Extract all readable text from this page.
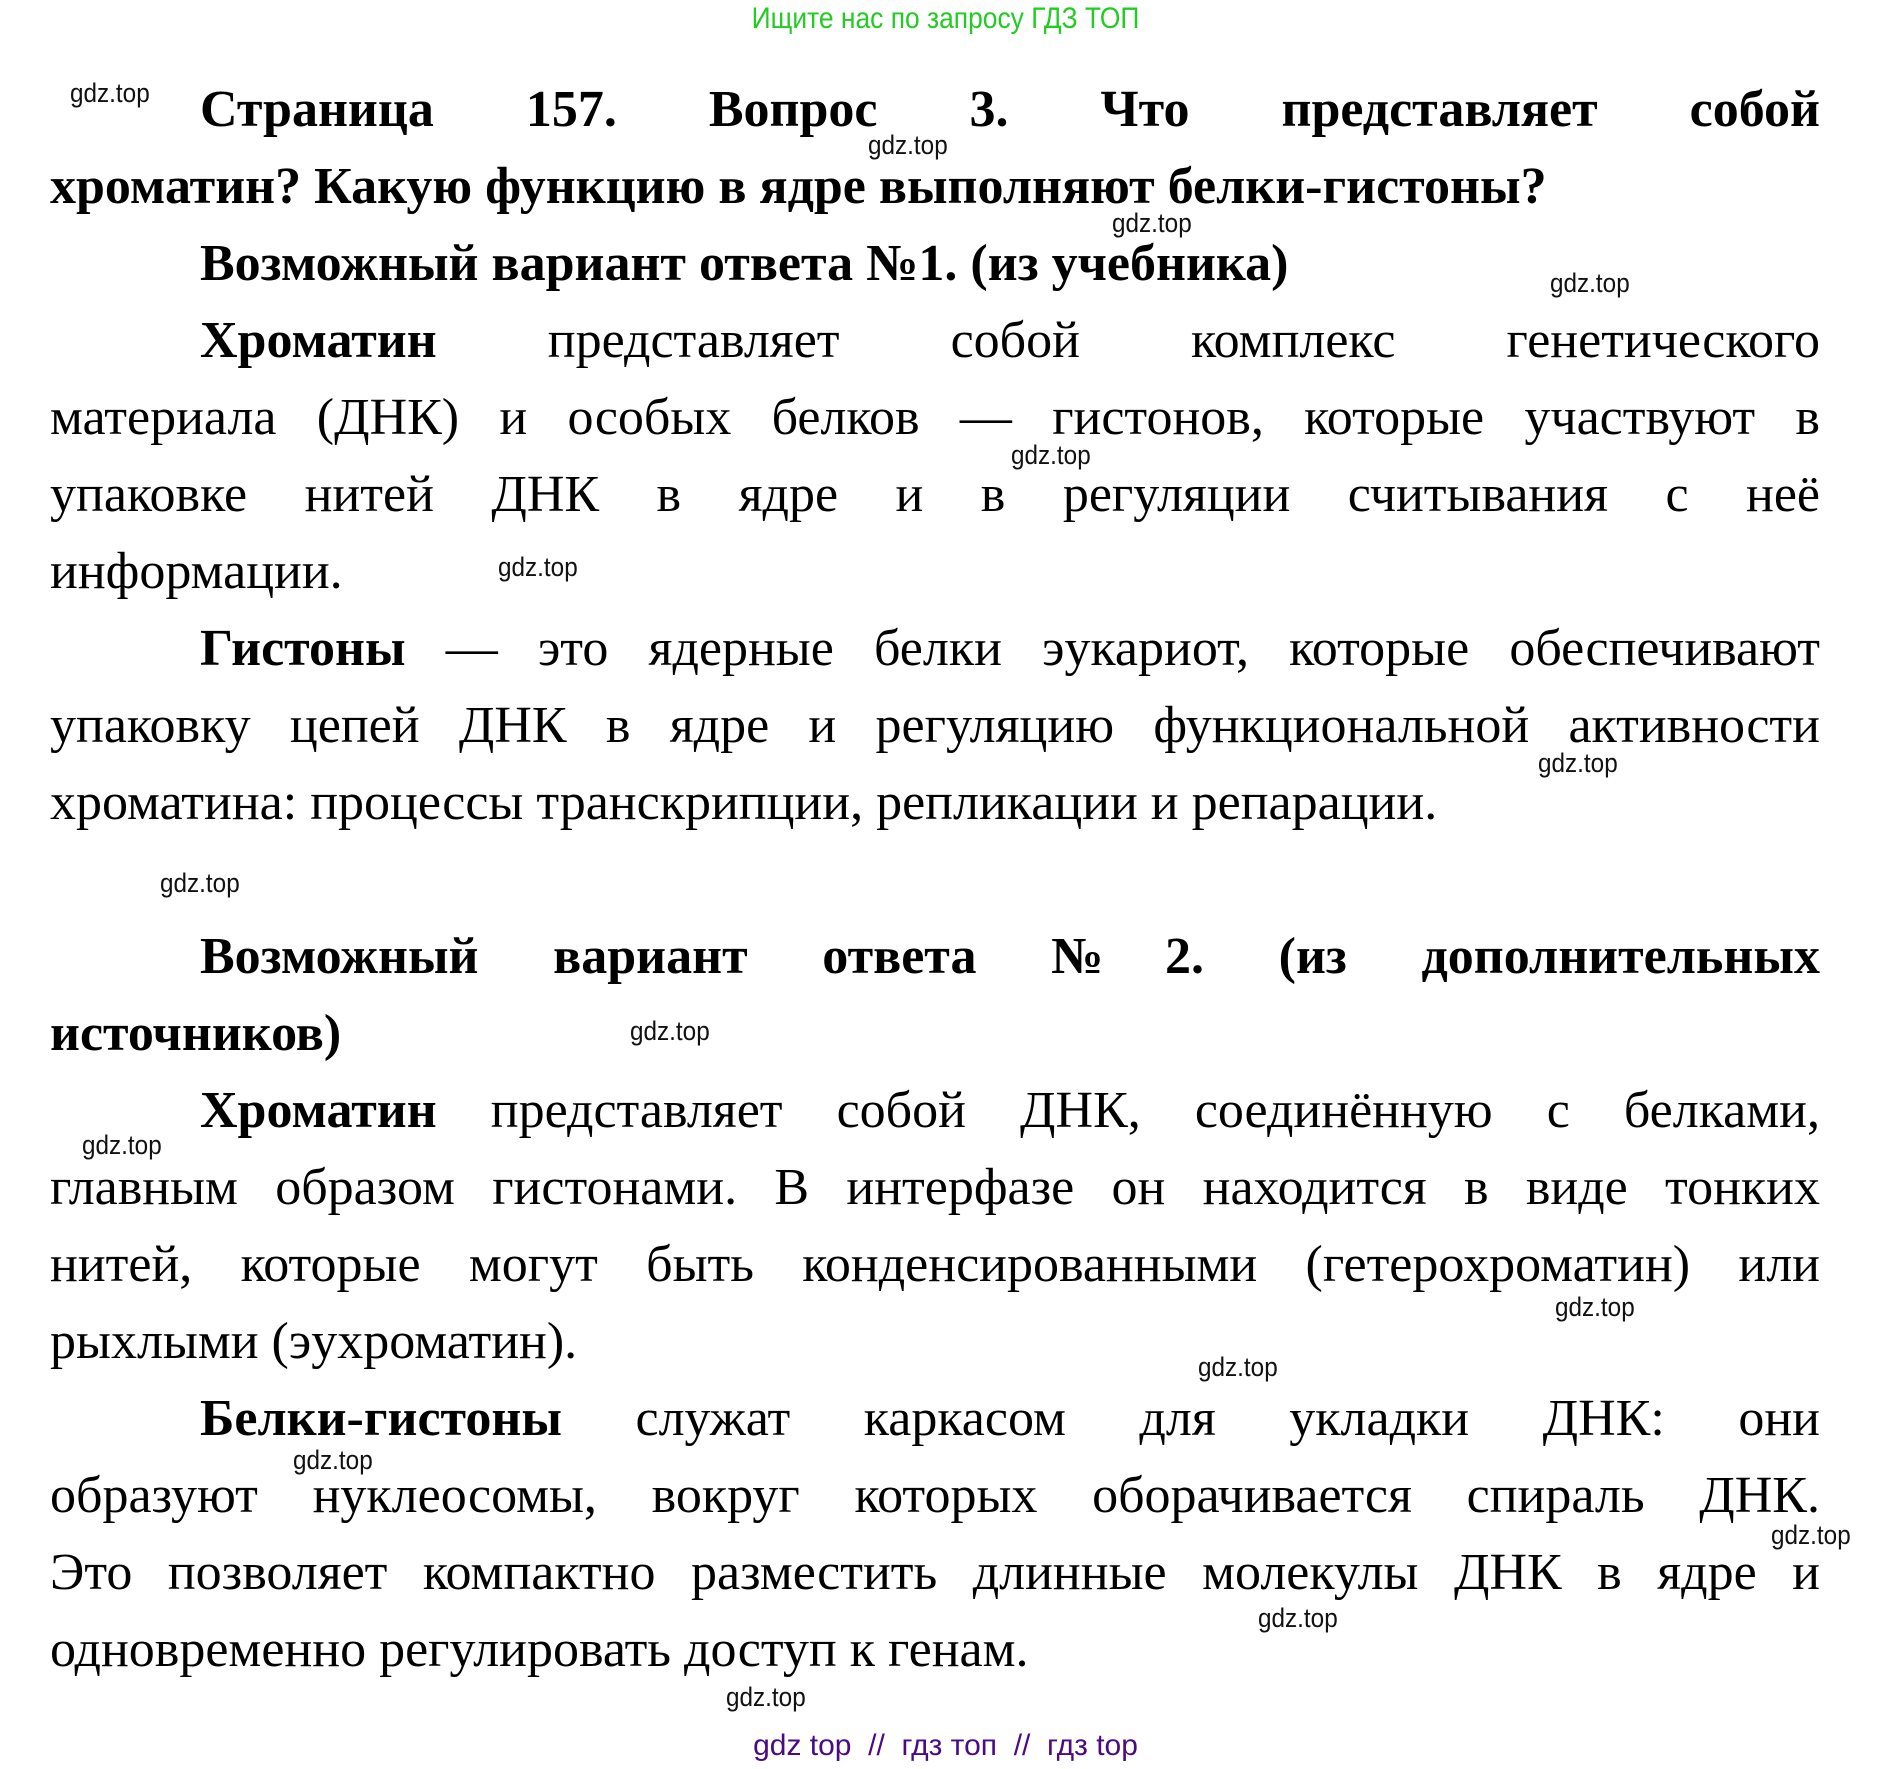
Ищите нас по запросу ГДЗ ТОП
Страница 157. Вопрос 3. Что представляет собой
хроматин? Какую функцию в ядре выполняют белки-гистоны?
Возможный вариант ответа №1. (из учебника)
Хроматин представляет собой комплекс генетического
материала (ДНК) и особых белков — гистонов, которые участвуют в
упаковке нитей ДНК в ядре и в регуляции считывания с неё
информации.
Гистоны — это ядерные белки эукариот, которые обеспечивают
упаковку цепей ДНК в ядре и регуляцию функциональной активности
хроматина: процессы транскрипции, репликации и репарации.
Возможный вариант ответа №2. (из дополнительных
источников)
Хроматин представляет собой ДНК, соединённую с белками,
главным образом гистонами. В интерфазе он находится в виде тонких
нитей, которые могут быть конденсированными (гетерохроматин) или
рыхлыми (эухроматин).
Белки-гистоны служат каркасом для укладки ДНК: они
образуют нуклеосомы, вокруг которых оборачивается спираль ДНК.
Это позволяет компактно разместить длинные молекулы ДНК в ядре и
одновременно регулировать доступ к генам.
gdz.top
gdz.top
gdz.top
gdz.top
gdz.top
gdz.top
gdz.top
gdz.top
gdz.top
gdz.top
gdz.top
gdz.top
gdz.top
gdz.top
gdz.top
gdz.top
gdz top  //  гдз топ  //  гдз top
